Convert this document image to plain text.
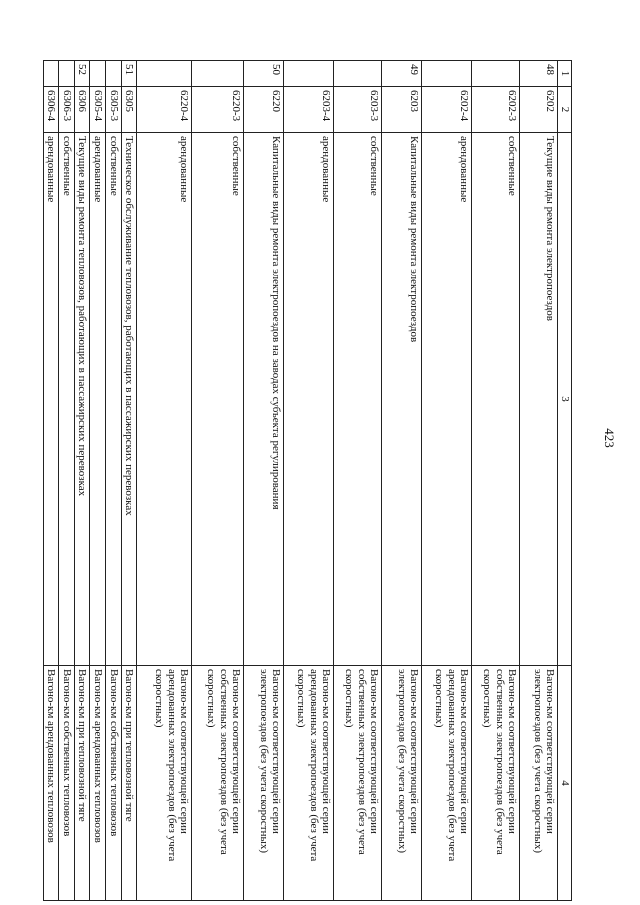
423
1	2	3	4
48	6202	Текущие виды ремонта электропоездов	Вагоно-км соответствующей серии электропоездов (без учета скоростных)
	6202-3	собственные	Вагоно-км соответствующей серии собственных электропоездов (без учета скоростных)
	6202-4	арендованные	Вагоно-км соответствующей серии арендованных электропоездов (без учета скоростных)
49	6203	Капитальные виды ремонта электропоездов	Вагоно-км соответствующей серии электропоездов (без учета скоростных)
	6203-3	собственные	Вагоно-км соответствующей серии собственных электропоездов (без учета скоростных)
	6203-4	арендованные	Вагоно-км соответствующей серии арендованных электропоездов (без учета скоростных)
50	6220	Капитальные виды ремонта электропоездов на заводах субъекта регулирования	Вагоно-км соответствующей серии электропоездов (без учета скоростных)
	6220-3	собственные	Вагоно-км соответствующей серии собственных электропоездов (без учета скоростных)
	6220-4	арендованные	Вагоно-км соответствующей серии арендованных электропоездов (без учета скоростных)
51	6305	Техническое обслуживание тепловозов, работающих в пассажирских перевозках	Вагоно-км при тепловозной тяге
	6305-3	собственные	Вагоно-км собственных тепловозов
	6305-4	арендованные	Вагоно-км арендованных тепловозов
52	6306	Текущие виды ремонта тепловозов, работающих в пассажирских перевозках	Вагоно-км при тепловозной тяге
	6306-3	собственные	Вагоно-км собственных тепловозов
	6306-4	арендованные	Вагоно-км арендованных тепловозов
